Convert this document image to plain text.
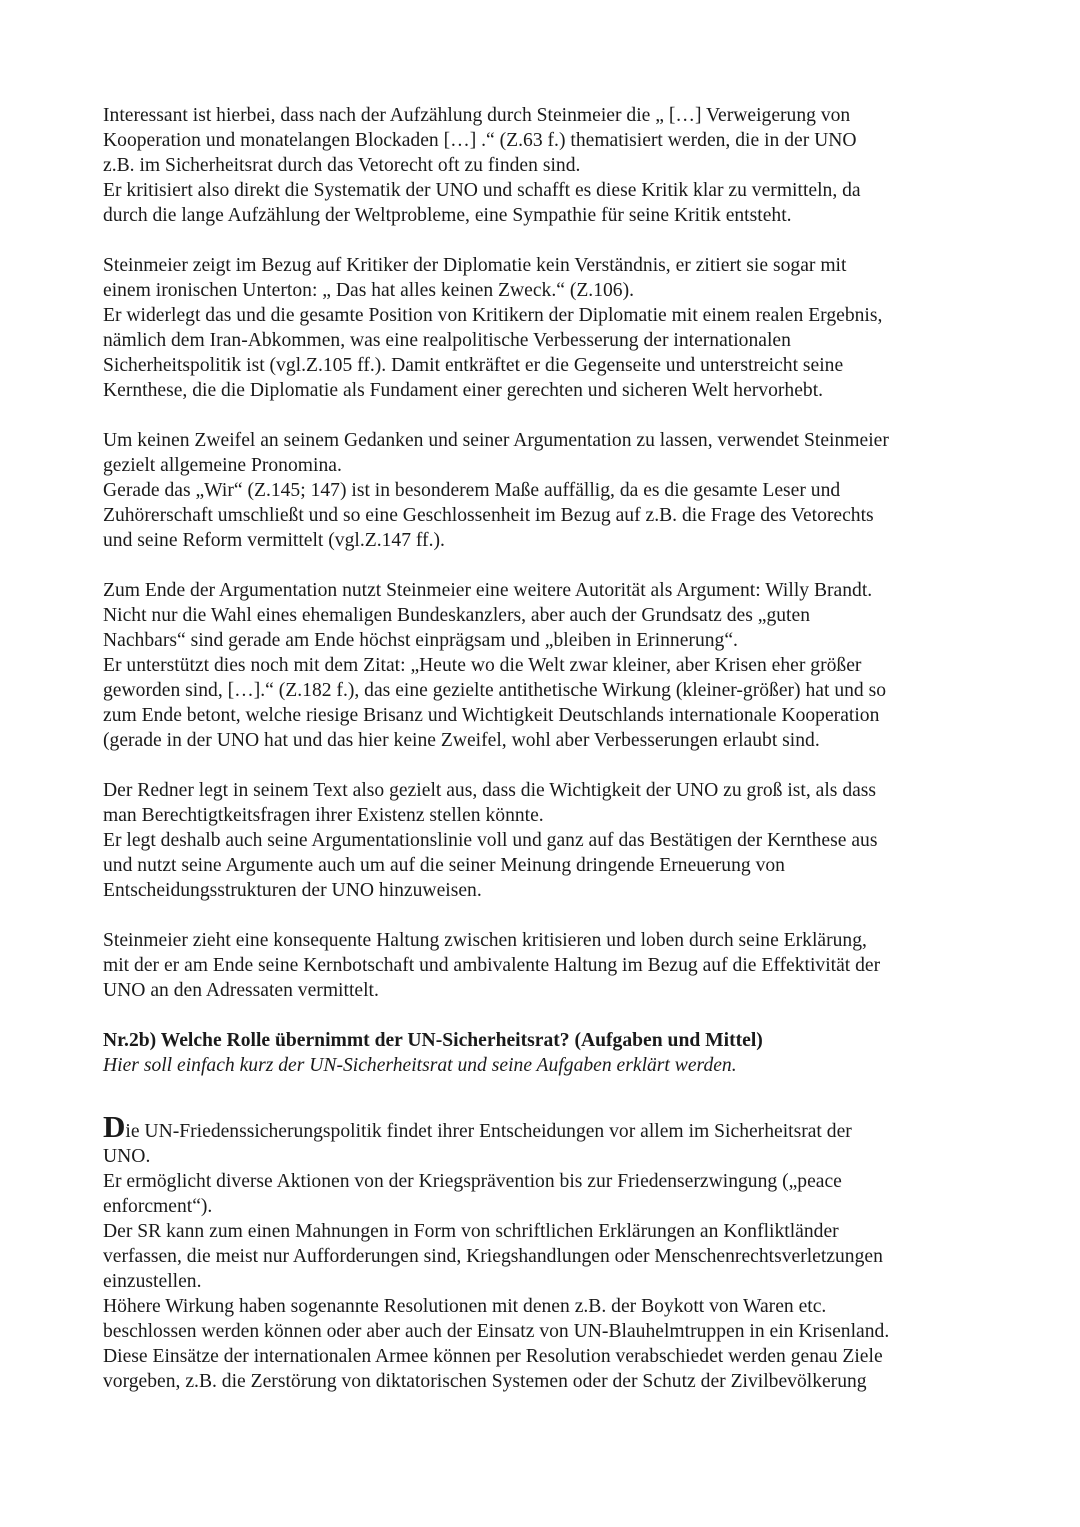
Interessant ist hierbei, dass nach der Aufzählung durch Steinmeier die „ […] Verweigerung von
Kooperation und monatelangen Blockaden […] .“ (Z.63 f.) thematisiert werden, die in der UNO
z.B. im Sicherheitsrat durch das Vetorecht oft zu finden sind.
Er kritisiert also direkt die Systematik der UNO und schafft es diese Kritik klar zu vermitteln, da
durch die lange Aufzählung der Weltprobleme, eine Sympathie für seine Kritik entsteht.
Steinmeier zeigt im Bezug auf Kritiker der Diplomatie kein Verständnis, er zitiert sie sogar mit
einem ironischen Unterton: „ Das hat alles keinen Zweck.“ (Z.106).
Er widerlegt das und die gesamte Position von Kritikern der Diplomatie mit einem realen Ergebnis,
nämlich dem Iran-Abkommen, was eine realpolitische Verbesserung der internationalen
Sicherheitspolitik ist (vgl.Z.105 ff.). Damit entkräftet er die Gegenseite und unterstreicht seine
Kernthese, die die Diplomatie als Fundament einer gerechten und sicheren Welt hervorhebt.
Um keinen Zweifel an seinem Gedanken und seiner Argumentation zu lassen, verwendet Steinmeier
gezielt allgemeine Pronomina.
Gerade das „Wir“ (Z.145; 147) ist in besonderem Maße auffällig, da es die gesamte Leser und
Zuhörerschaft umschließt und so eine Geschlossenheit im Bezug auf z.B. die Frage des Vetorechts
und seine Reform vermittelt (vgl.Z.147 ff.).
Zum Ende der Argumentation nutzt Steinmeier eine weitere Autorität als Argument: Willy Brandt.
Nicht nur die Wahl eines ehemaligen Bundeskanzlers, aber auch der Grundsatz des „guten
Nachbars“ sind gerade am Ende höchst einprägsam und „bleiben in Erinnerung“.
Er unterstützt dies noch mit dem Zitat: „Heute wo die Welt zwar kleiner, aber Krisen eher größer
geworden sind, […].“ (Z.182 f.), das eine gezielte antithetische Wirkung (kleiner-größer) hat und so
zum Ende betont, welche riesige Brisanz und Wichtigkeit Deutschlands internationale Kooperation
(gerade in der UNO hat und das hier keine Zweifel, wohl aber Verbesserungen erlaubt sind.
Der Redner legt in seinem Text also gezielt aus, dass die Wichtigkeit der UNO zu groß ist, als dass
man Berechtigtkeitsfragen ihrer Existenz stellen könnte.
Er legt deshalb auch seine Argumentationslinie voll und ganz auf das Bestätigen der Kernthese aus
und nutzt seine Argumente auch um auf die seiner Meinung dringende Erneuerung von
Entscheidungsstrukturen der UNO hinzuweisen.
Steinmeier zieht eine konsequente Haltung zwischen kritisieren und loben durch seine Erklärung,
mit der er am Ende seine Kernbotschaft und ambivalente Haltung im Bezug auf die Effektivität der
UNO an den Adressaten vermittelt.
Nr.2b) Welche Rolle übernimmt der UN-Sicherheitsrat? (Aufgaben und Mittel)
Hier soll einfach kurz der UN-Sicherheitsrat und seine Aufgaben erklärt werden.
Die UN-Friedenssicherungspolitik findet ihrer Entscheidungen vor allem im Sicherheitsrat der
UNO.
Er ermöglicht diverse Aktionen von der Kriegsprävention bis zur Friedenserzwingung („peace
enforcment“).
Der SR kann zum einen Mahnungen in Form von schriftlichen Erklärungen an Konfliktländer
verfassen, die meist nur Aufforderungen sind, Kriegshandlungen oder Menschenrechtsverletzungen
einzustellen.
Höhere Wirkung haben sogenannte Resolutionen mit denen z.B. der Boykott von Waren etc.
beschlossen werden können oder aber auch der Einsatz von UN-Blauhelmtruppen in ein Krisenland.
Diese Einsätze der internationalen Armee können per Resolution verabschiedet werden genau Ziele
vorgeben, z.B. die Zerstörung von diktatorischen Systemen oder der Schutz der Zivilbevölkerung
